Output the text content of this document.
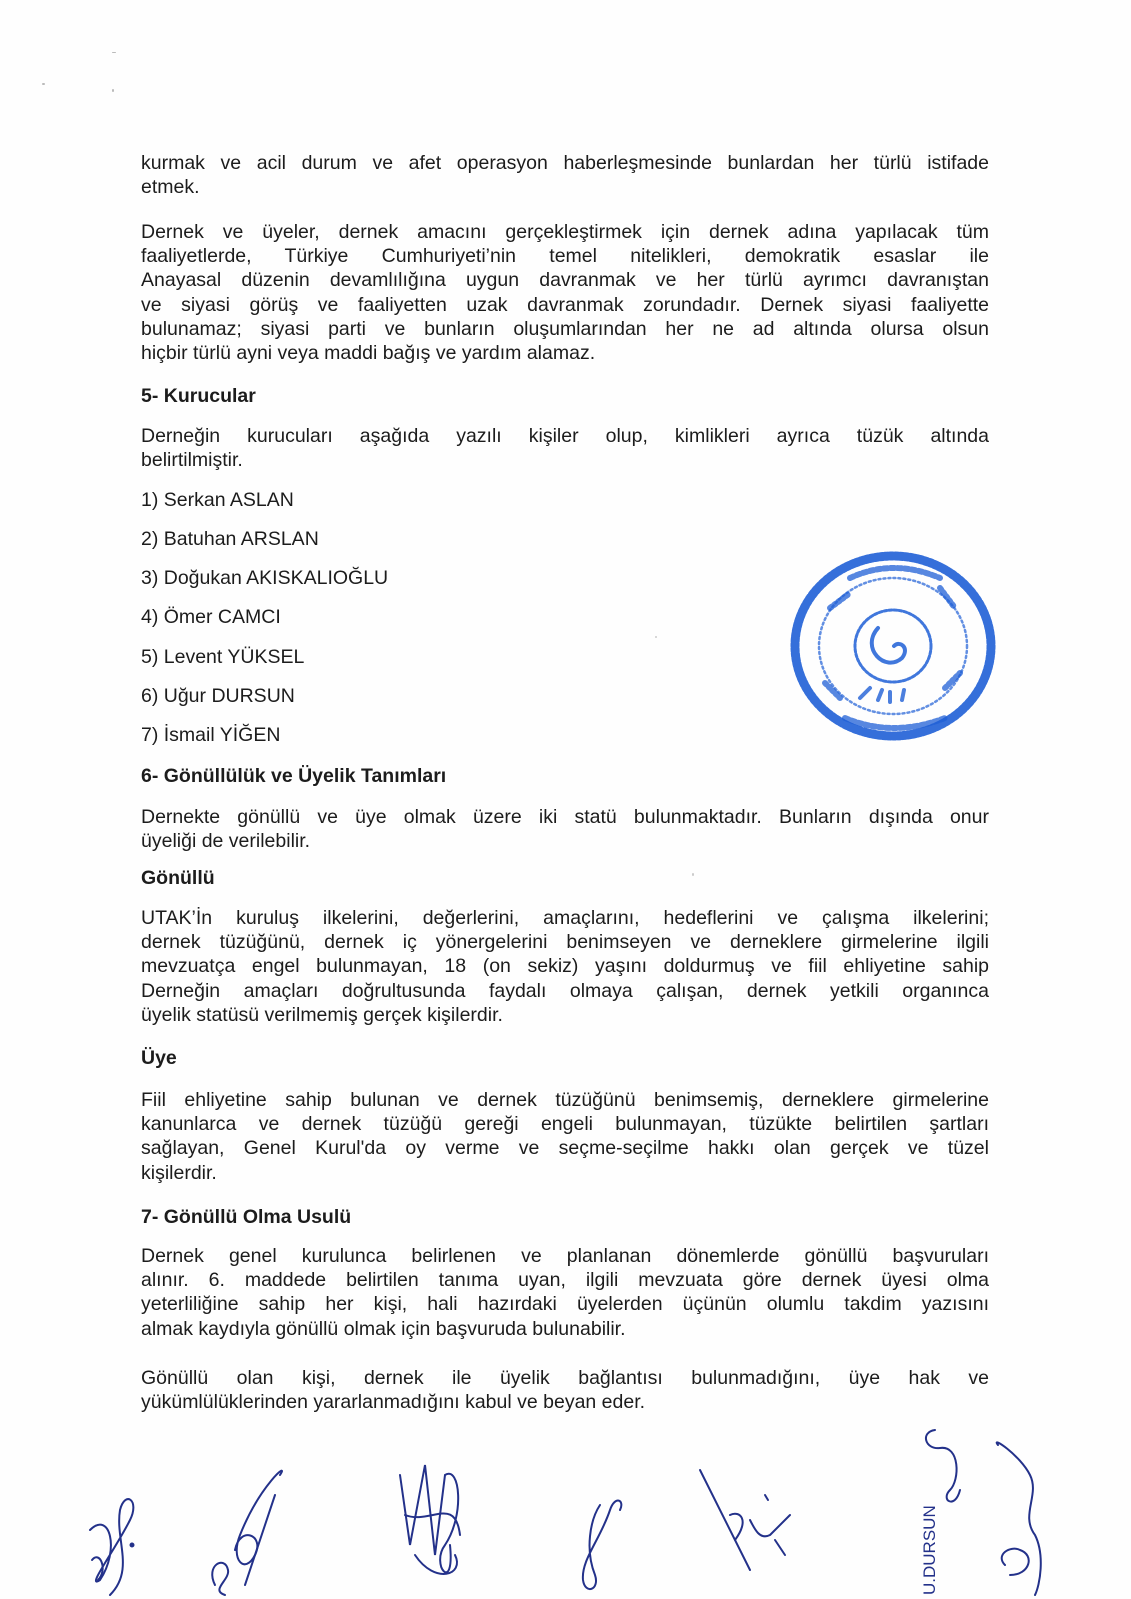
kurmak ve acil durum ve afet operasyon haberleşmesinde bunlardan her türlü istifade
etmek.
Dernek ve üyeler, dernek amacını gerçekleştirmek için dernek adına yapılacak tüm
faaliyetlerde, Türkiye Cumhuriyeti’nin temel nitelikleri, demokratik esaslar ile
Anayasal düzenin devamlılığına uygun davranmak ve her türlü ayrımcı davranıştan
ve siyasi görüş ve faaliyetten uzak davranmak zorundadır. Dernek siyasi faaliyette
bulunamaz; siyasi parti ve bunların oluşumlarından her ne ad altında olursa olsun
hiçbir türlü ayni veya maddi bağış ve yardım alamaz.
5- Kurucular
Derneğin kurucuları aşağıda yazılı kişiler olup, kimlikleri ayrıca tüzük altında
belirtilmiştir.
1) Serkan ASLAN
2) Batuhan ARSLAN
3) Doğukan AKISKALIOĞLU
4) Ömer CAMCI
5) Levent YÜKSEL
6) Uğur DURSUN
7) İsmail YİĞEN
6- Gönüllülük ve Üyelik Tanımları
Dernekte gönüllü ve üye olmak üzere iki statü bulunmaktadır. Bunların dışında onur
üyeliği de verilebilir.
Gönüllü
UTAK’İn kuruluş ilkelerini, değerlerini, amaçlarını, hedeflerini ve çalışma ilkelerini;
dernek tüzüğünü, dernek iç yönergelerini benimseyen ve derneklere girmelerine ilgili
mevzuatça engel bulunmayan, 18 (on sekiz) yaşını doldurmuş ve fiil ehliyetine sahip
Derneğin amaçları doğrultusunda faydalı olmaya çalışan, dernek yetkili organınca
üyelik statüsü verilmemiş gerçek kişilerdir.
Üye
Fiil ehliyetine sahip bulunan ve dernek tüzüğünü benimsemiş, derneklere girmelerine
kanunlarca ve dernek tüzüğü gereği engeli bulunmayan, tüzükte belirtilen şartları
sağlayan, Genel Kurul'da oy verme ve seçme-seçilme hakkı olan gerçek ve tüzel
kişilerdir.
7- Gönüllü Olma Usulü
Dernek genel kurulunca belirlenen ve planlanan dönemlerde gönüllü başvuruları
alınır. 6. maddede belirtilen tanıma uyan, ilgili mevzuata göre dernek üyesi olma
yeterliliğine sahip her kişi, hali hazırdaki üyelerden üçünün olumlu takdim yazısını
almak kaydıyla gönüllü olmak için başvuruda bulunabilir.
Gönüllü olan kişi, dernek ile üyelik bağlantısı bulunmadığını, üye hak ve
yükümlülüklerinden yararlanmadığını kabul ve beyan eder.
U.DURSUN
